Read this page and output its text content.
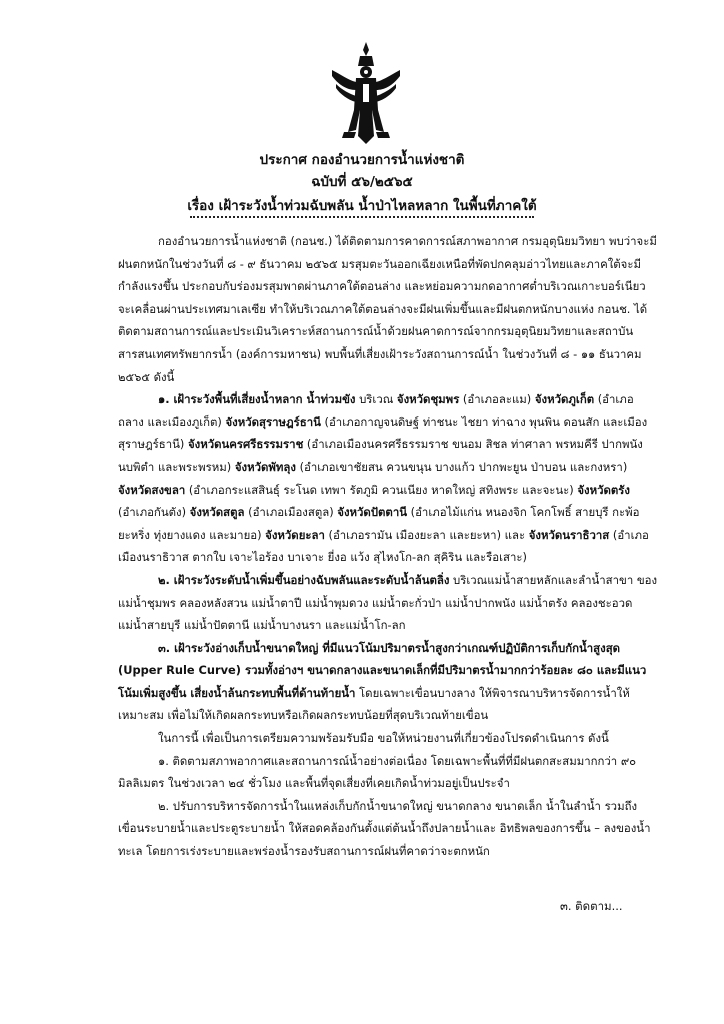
ประกาศ กองอำนวยการน้ำแห่งชาติ
ฉบับที่ ๕๖/๒๕๖๕
เรื่อง เฝ้าระวังน้ำท่วมฉับพลัน น้ำป่าไหลหลาก ในพื้นที่ภาคใต้

กองอำนวยการน้ำแห่งชาติ (กอนช.) ได้ติดตามการคาดการณ์สภาพอากาศ กรมอุตุนิยมวิทยา พบว่าจะมีฝนตกหนักในช่วงวันที่ ๘ - ๙ ธันวาคม ๒๕๖๕ มรสุมตะวันออกเฉียงเหนือที่พัดปกคลุมอ่าวไทยและภาคใต้จะมีกำลังแรงขึ้น ประกอบกับร่องมรสุมพาดผ่านภาคใต้ตอนล่าง และหย่อมความกดอากาศต่ำบริเวณเกาะบอร์เนียวจะเคลื่อนผ่านประเทศมาเลเซีย ทำให้บริเวณภาคใต้ตอนล่างจะมีฝนเพิ่มขึ้นและมีฝนตกหนักบางแห่ง กอนช. ได้ติดตามสถานการณ์และประเมินวิเคราะห์สถานการณ์น้ำด้วยฝนคาดการณ์จากกรมอุตุนิยมวิทยาและสถาบันสารสนเทศทรัพยากรน้ำ (องค์การมหาชน) พบพื้นที่เสี่ยงเฝ้าระวังสถานการณ์น้ำ ในช่วงวันที่ ๘ - ๑๑ ธันวาคม ๒๕๖๕ ดังนี้

๑. เฝ้าระวังพื้นที่เสี่ยงน้ำหลาก น้ำท่วมขัง บริเวณ จังหวัดชุมพร (อำเภอละแม) จังหวัดภูเก็ต (อำเภอถลาง และเมืองภูเก็ต) จังหวัดสุราษฎร์ธานี (อำเภอกาญจนดิษฐ์ ท่าชนะ ไชยา ท่าฉาง พุนพิน ดอนสัก และเมืองสุราษฎร์ธานี) จังหวัดนครศรีธรรมราช (อำเภอเมืองนครศรีธรรมราช ขนอม สิชล ท่าศาลา พรหมคีรี ปากพนัง นบพิตำ และพระพรหม) จังหวัดพัทลุง (อำเภอเขาชัยสน ควนขนุน บางแก้ว ปากพะยูน ป่าบอน และกงหรา) จังหวัดสงขลา (อำเภอกระแสสินธุ์ ระโนด เทพา รัตภูมิ ควนเนียง หาดใหญ่ สทิงพระ และจะนะ) จังหวัดตรัง (อำเภอกันตัง) จังหวัดสตูล (อำเภอเมืองสตูล) จังหวัดปัตตานี (อำเภอไม้แก่น หนองจิก โคกโพธิ์ สายบุรี กะพ้อ ยะหริ่ง ทุ่งยางแดง และมายอ) จังหวัดยะลา (อำเภอรามัน เมืองยะลา และยะหา) และ จังหวัดนราธิวาส (อำเภอเมืองนราธิวาส ตากใบ เจาะไอร้อง บาเจาะ ยี่งอ แว้ง สุไหงโก-ลก สุคิริน และรือเสาะ)

๒. เฝ้าระวังระดับน้ำเพิ่มขึ้นอย่างฉับพลันและระดับน้ำล้นตลิ่ง บริเวณแม่น้ำสายหลักและลำน้ำสาขา ของแม่น้ำชุมพร คลองหลังสวน แม่น้ำตาปี แม่น้ำพุมดวง แม่น้ำตะกั่วป่า แม่น้ำปากพนัง แม่น้ำตรัง คลองชะอวด แม่น้ำสายบุรี แม่น้ำปัตตานี แม่น้ำบางนรา และแม่น้ำโก-ลก

๓. เฝ้าระวังอ่างเก็บน้ำขนาดใหญ่ ที่มีแนวโน้มปริมาตรน้ำสูงกว่าเกณฑ์ปฏิบัติการเก็บกักน้ำสูงสุด (Upper Rule Curve) รวมทั้งอ่างฯ ขนาดกลางและขนาดเล็กที่มีปริมาตรน้ำมากกว่าร้อยละ ๘๐ และมีแนวโน้มเพิ่มสูงขึ้น เสี่ยงน้ำล้นกระทบพื้นที่ด้านท้ายน้ำ โดยเฉพาะเขื่อนบางลาง ให้พิจารณาบริหารจัดการน้ำให้เหมาะสม เพื่อไม่ให้เกิดผลกระทบหรือเกิดผลกระทบน้อยที่สุดบริเวณท้ายเขื่อน

ในการนี้ เพื่อเป็นการเตรียมความพร้อมรับมือ ขอให้หน่วยงานที่เกี่ยวข้องโปรดดำเนินการ ดังนี้

๑. ติดตามสภาพอากาศและสถานการณ์น้ำอย่างต่อเนื่อง โดยเฉพาะพื้นที่ที่มีฝนตกสะสมมากกว่า ๙๐ มิลลิเมตร ในช่วงเวลา ๒๔ ชั่วโมง และพื้นที่จุดเสี่ยงที่เคยเกิดน้ำท่วมอยู่เป็นประจำ

๒. ปรับการบริหารจัดการน้ำในแหล่งเก็บกักน้ำขนาดใหญ่ ขนาดกลาง ขนาดเล็ก น้ำในลำน้ำ รวมถึงเขื่อนระบายน้ำและประตูระบายน้ำ ให้สอดคล้องกันตั้งแต่ต้นน้ำถึงปลายน้ำและ อิทธิพลของการขึ้น – ลงของน้ำทะเล โดยการเร่งระบายและพร่องน้ำรองรับสถานการณ์ฝนที่คาดว่าจะตกหนัก

๓. ติดตาม...
